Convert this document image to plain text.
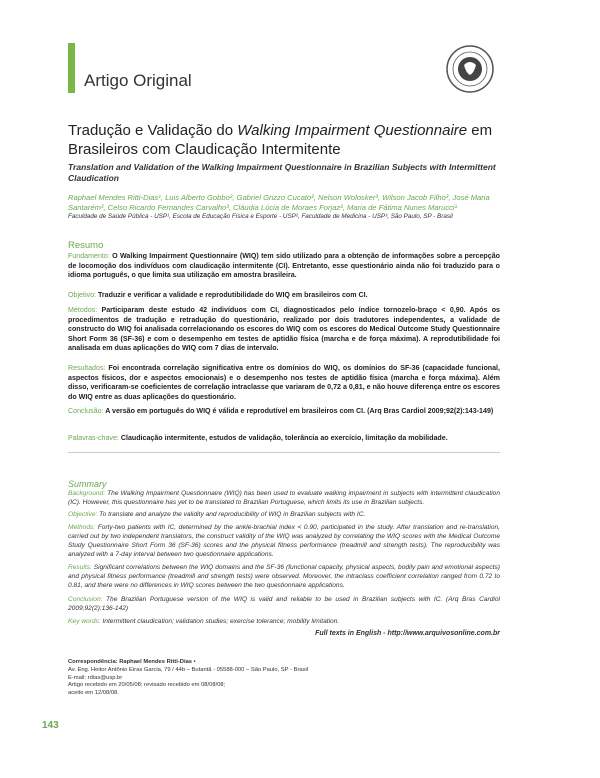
Artigo Original
Tradução e Validação do Walking Impairment Questionnaire em Brasileiros com Claudicação Intermitente
Translation and Validation of the Walking Impairment Questionnaire in Brazilian Subjects with Intermittent Claudication
Raphael Mendes Ritti-Dias¹, Luis Alberto Gobbo², Gabriel Grizzo Cucato², Nelson Wolosker³, Wilson Jacob Filho³, José Maria Santarém³, Celso Ricardo Fernandes Carvalho³, Cláudia Lúcia de Moraes Forjaz², Maria de Fátima Nunes Marucci¹
Faculdade de Saúde Pública - USP¹, Escola de Educação Física e Esporte - USP², Faculdade de Medicina - USP³, São Paulo, SP - Brasil
Resumo
Fundamento: O Walking Impairment Questionnaire (WIQ) tem sido utilizado para a obtenção de informações sobre a percepção de locomoção dos indivíduos com claudicação intermitente (CI). Entretanto, esse questionário ainda não foi traduzido para o idioma português, o que limita sua utilização em amostra brasileira.
Objetivo: Traduzir e verificar a validade e reprodutibilidade do WIQ em brasileiros com CI.
Métodos: Participaram deste estudo 42 indivíduos com CI, diagnosticados pelo índice tornozelo-braço < 0,90. Após os procedimentos de tradução e retradução do questionário, realizado por dois tradutores independentes, a validade de constructo do WIQ foi analisada correlacionando os escores do WIQ com os escores do Medical Outcome Study Questionnaire Short Form 36 (SF-36) e com o desempenho em testes de aptidão física (marcha e de força máxima). A reprodutibilidade foi analisada em duas aplicações do WIQ com 7 dias de intervalo.
Resultados: Foi encontrada correlação significativa entre os domínios do WIQ, os domínios do SF-36 (capacidade funcional, aspectos físicos, dor e aspectos emocionais) e o desempenho nos testes de aptidão física (marcha e força máxima). Além disso, verificaram-se coeficientes de correlação intraclasse que variaram de 0,72 a 0,81, e não houve diferença entre os escores do WIQ entre as duas aplicações do questionário.
Conclusão: A versão em português do WIQ é válida e reprodutível em brasileiros com CI. (Arq Bras Cardiol 2009;92(2):143-149)
Palavras-chave: Claudicação intermitente, estudos de validação, tolerância ao exercício, limitação da mobilidade.
Summary
Background: The Walking Impairment Questionnaire (WIQ) has been used to evaluate walking impairment in subjects with intermittent claudication (IC). However, this questionnaire has yet to be translated to Brazilian Portuguese, which limits its use in Brazilian subjects.
Objective: To translate and analyze the validity and reproducibility of WIQ in Brazilian subjects with IC.
Methods: Forty-two patients with IC, determined by the ankle-brachial index < 0.90, participated in the study. After translation and re-translation, carried out by two independent translators, the construct validity of the WIQ was analyzed by correlating the WIQ scores with the Medical Outcome Study Questionnaire Short Form 36 (SF-36) scores and the physical fitness performance (treadmill and strength tests). The reproducibility was analyzed with a 7-day interval between two questionnaire applications.
Results: Significant correlations between the WIQ domains and the SF-36 (functional capacity, physical aspects, bodily pain and emotional aspects) and physical fitness performance (treadmill and strength tests) were observed. Moreover, the intraclass coefficient correlation ranged from 0.72 to 0.81, and there were no differences in WIQ scores between the two questionnaire applications.
Conclusion: The Brazilian Portuguese version of the WIQ is valid and reliable to be used in Brazilian subjects with IC. (Arq Bras Cardiol 2009;92(2):136-142)
Key words: Intermittent claudication; validation studies; exercise tolerance; mobility limitation.
Full texts in English - http://www.arquivosonline.com.br
Correspondência: Raphael Mendes Ritti-Dias •
Av. Eng. Heitor Antônio Eiras Garcia, 79 / 44b – Butantã - 05588-000 – São Paulo, SP - Brasil
E-mail: rdias@usp.br
Artigo recebido em 20/05/08; revisado recebido em 08/08/08;
aceito em 12/08/08.
143
